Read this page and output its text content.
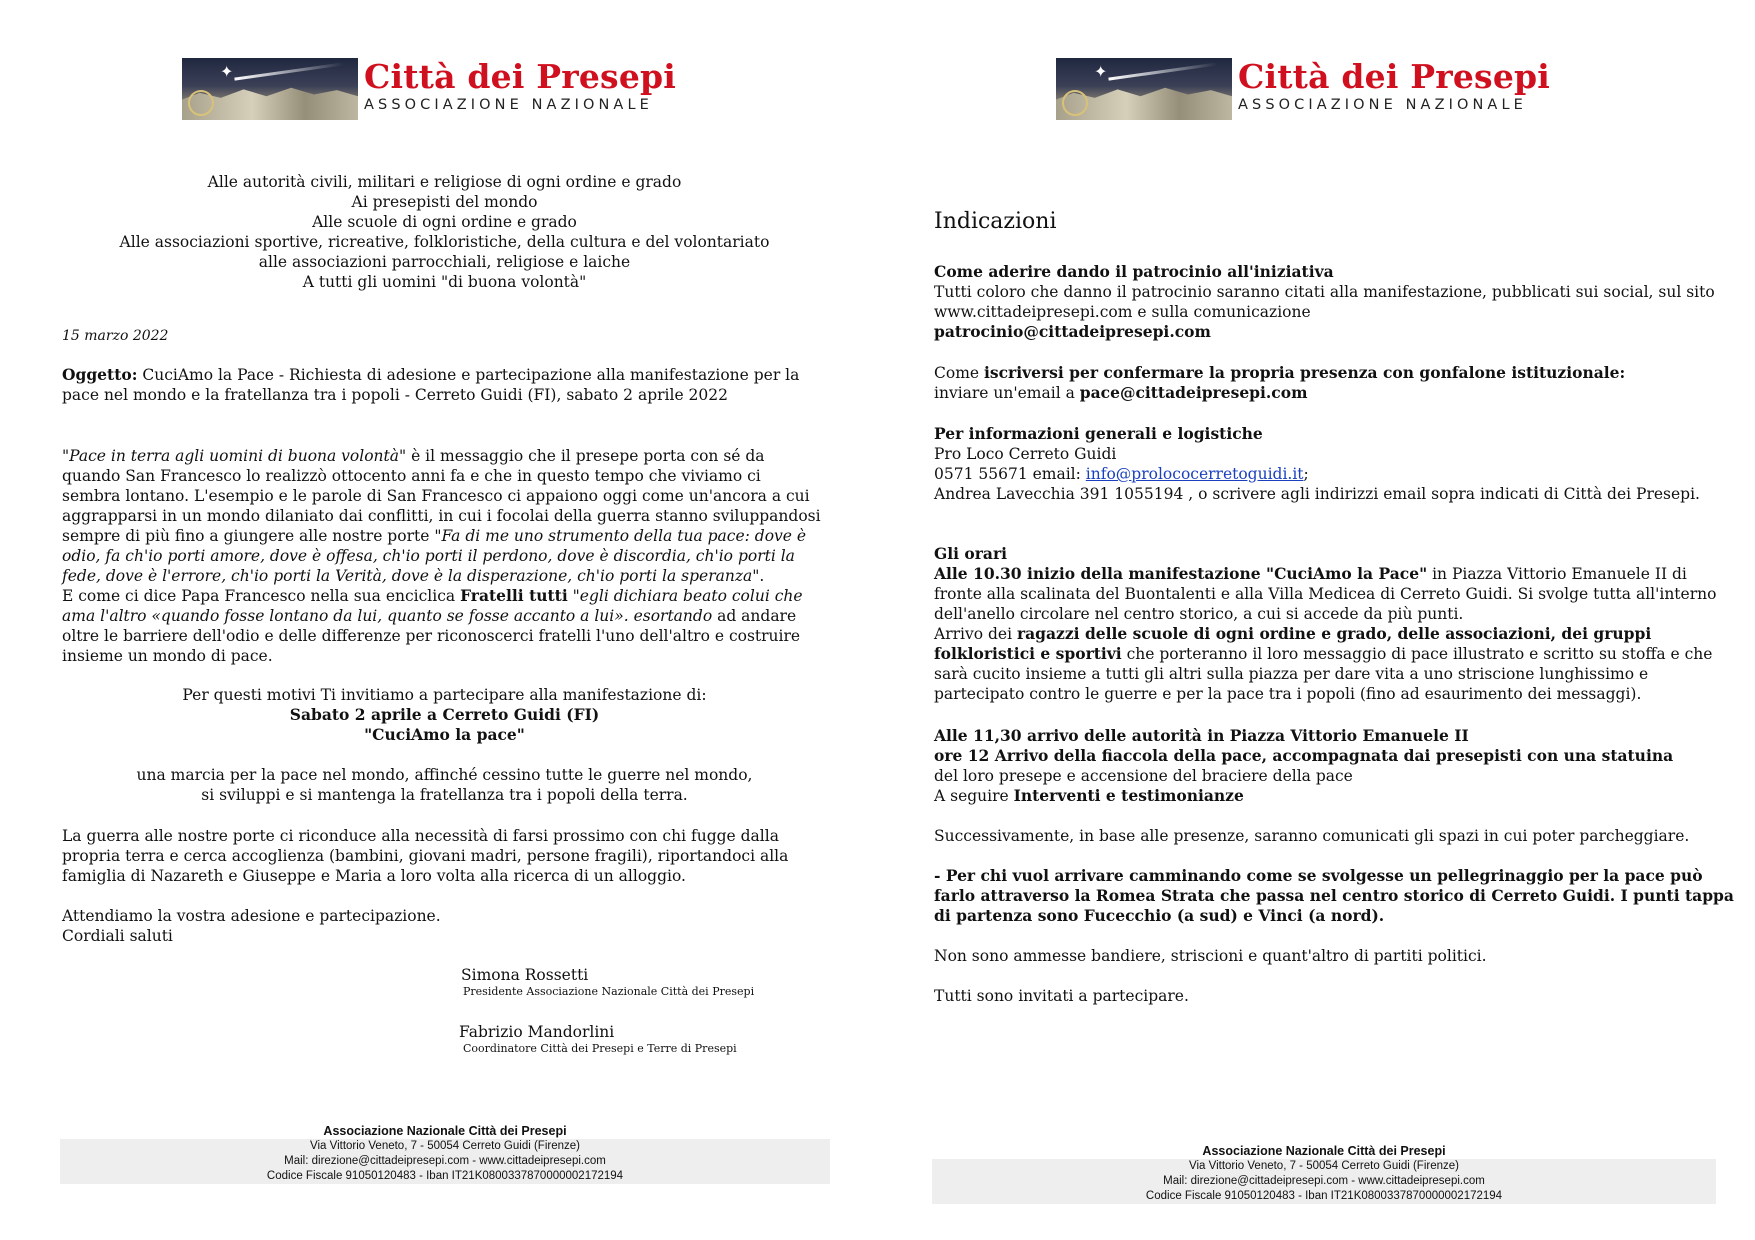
✦	Città dei Presepi
ASSOCIAZIONE NAZIONALE
Alle autorità civili, militari e religiose di ogni ordine e grado
Ai presepisti del mondo
Alle scuole di ogni ordine e grado
Alle associazioni sportive, ricreative, folkloristiche, della cultura e del volontariato
alle associazioni parrocchiali, religiose e laiche
A tutti gli uomini "di buona volontà"
15 marzo 2022
Oggetto: CuciAmo la Pace - Richiesta di adesione e partecipazione alla manifestazione per la pace nel mondo e la fratellanza tra i popoli - Cerreto Guidi (FI), sabato 2 aprile 2022
"Pace in terra agli uomini di buona volontà" è il messaggio che il presepe porta con sé da quando San Francesco lo realizzò ottocento anni fa e che in questo tempo che viviamo ci sembra lontano. L'esempio e le parole di San Francesco ci appaiono oggi come un'ancora a cui aggrapparsi in un mondo dilaniato dai conflitti, in cui i focolai della guerra stanno sviluppandosi sempre di più fino a giungere alle nostre porte "Fa di me uno strumento della tua pace: dove è odio, fa ch'io porti amore, dove è offesa, ch'io porti il perdono, dove è discordia, ch'io porti la fede, dove è l'errore, ch'io porti la Verità, dove è la disperazione, ch'io porti la speranza".
E come ci dice Papa Francesco nella sua enciclica Fratelli tutti "egli dichiara beato colui che ama l'altro «quando fosse lontano da lui, quanto se fosse accanto a lui». esortando ad andare oltre le barriere dell'odio e delle differenze per riconoscerci fratelli l'uno dell'altro e costruire insieme un mondo di pace.
Per questi motivi Ti invitiamo a partecipare alla manifestazione di:
Sabato 2 aprile a Cerreto Guidi (FI)
"CuciAmo la pace"
una marcia per la pace nel mondo, affinché cessino tutte le guerre nel mondo,
si sviluppi e si mantenga la fratellanza tra i popoli della terra.
La guerra alle nostre porte ci riconduce alla necessità di farsi prossimo con chi fugge dalla propria terra e cerca accoglienza (bambini, giovani madri, persone fragili), riportandoci alla famiglia di Nazareth e Giuseppe e Maria a loro volta alla ricerca di un alloggio.
Attendiamo la vostra adesione e partecipazione.
Cordiali saluti
Simona Rossetti
Presidente Associazione Nazionale Città dei Presepi
Fabrizio Mandorlini
Coordinatore Città dei Presepi e Terre di Presepi
Associazione Nazionale Città dei Presepi
Via Vittorio Veneto, 7 - 50054 Cerreto Guidi (Firenze)
Mail: direzione@cittadeipresepi.com - www.cittadeipresepi.com
Codice Fiscale 91050120483 - Iban IT21K0800337870000002172194
✦	Città dei Presepi
ASSOCIAZIONE NAZIONALE
Indicazioni
Come aderire dando il patrocinio all'iniziativa
Tutti coloro che danno il patrocinio saranno citati alla manifestazione, pubblicati sui social, sul sito www.cittadeipresepi.com e sulla comunicazione
patrocinio@cittadeipresepi.com
Come iscriversi per confermare la propria presenza con gonfalone istituzionale:
inviare un'email a pace@cittadeipresepi.com
Per informazioni generali e logistiche
Pro Loco Cerreto Guidi
0571 55671 email: info@prolococerretoguidi.it;
Andrea Lavecchia 391 1055194 , o scrivere agli indirizzi email sopra indicati di Città dei Presepi.
Gli orari
Alle 10.30 inizio della manifestazione "CuciAmo la Pace" in Piazza Vittorio Emanuele II di fronte alla scalinata del Buontalenti e alla Villa Medicea di Cerreto Guidi. Si svolge tutta all'interno dell'anello circolare nel centro storico, a cui si accede da più punti.
Arrivo dei ragazzi delle scuole di ogni ordine e grado, delle associazioni, dei gruppi folkloristici e sportivi che porteranno il loro messaggio di pace illustrato e scritto su stoffa e che sarà cucito insieme a tutti gli altri sulla piazza per dare vita a uno striscione lunghissimo e partecipato contro le guerre e per la pace tra i popoli (fino ad esaurimento dei messaggi).
Alle 11,30 arrivo delle autorità in Piazza Vittorio Emanuele II
ore 12 Arrivo della fiaccola della pace, accompagnata dai presepisti con una statuina
del loro presepe e accensione del braciere della pace
A seguire Interventi e testimonianze
Successivamente, in base alle presenze, saranno comunicati gli spazi in cui poter parcheggiare.
- Per chi vuol arrivare camminando come se svolgesse un pellegrinaggio per la pace può farlo attraverso la Romea Strata che passa nel centro storico di Cerreto Guidi. I punti tappa di partenza sono Fucecchio (a sud) e Vinci (a nord).
Non sono ammesse bandiere, striscioni e quant'altro di partiti politici.
Tutti sono invitati a partecipare.
Associazione Nazionale Città dei Presepi
Via Vittorio Veneto, 7 - 50054 Cerreto Guidi (Firenze)
Mail: direzione@cittadeipresepi.com - www.cittadeipresepi.com
Codice Fiscale 91050120483 - Iban IT21K0800337870000002172194
